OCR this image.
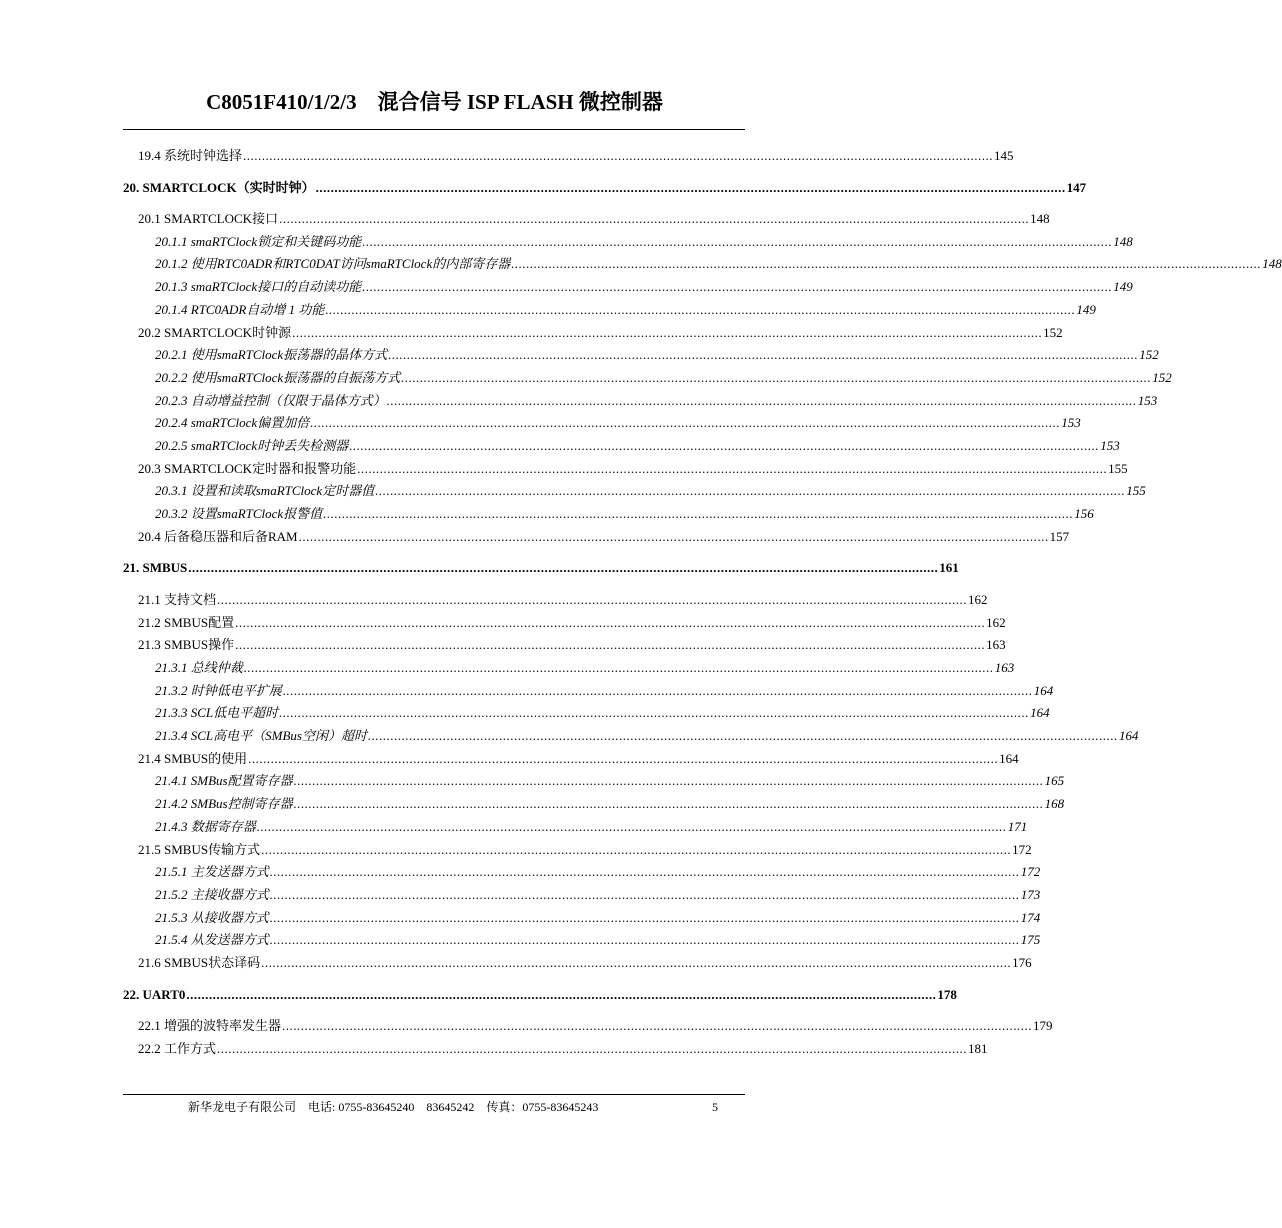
C8051F410/1/2/3　混合信号 ISP FLASH 微控制器
19.4 系统时钟选择 ........................................................................................................................................................................................................ 145
20. SMARTCLOCK（实时时钟） ........................................................................................................................................................................................................ 147
20.1 SMARTCLOCK接口 ........................................................................................................................................................................................................ 148
20.1.1 smaRTClock锁定和关键码功能 ........................................................................................................................................................................................................ 148
20.1.2 使用RTC0ADR和RTC0DAT访问smaRTClock的内部寄存器 ........................................................................................................................................................................................................ 148
20.1.3 smaRTClock接口的自动读功能 ........................................................................................................................................................................................................ 149
20.1.4 RTC0ADR自动增 1 功能 ........................................................................................................................................................................................................ 149
20.2 SMARTCLOCK时钟源 ........................................................................................................................................................................................................ 152
20.2.1 使用smaRTClock振荡器的晶体方式 ........................................................................................................................................................................................................ 152
20.2.2 使用smaRTClock振荡器的自振荡方式 ........................................................................................................................................................................................................ 152
20.2.3 自动增益控制（仅限于晶体方式） ........................................................................................................................................................................................................ 153
20.2.4 smaRTClock偏置加倍 ........................................................................................................................................................................................................ 153
20.2.5 smaRTClock时钟丢失检测器 ........................................................................................................................................................................................................ 153
20.3 SMARTCLOCK定时器和报警功能 ........................................................................................................................................................................................................ 155
20.3.1 设置和读取smaRTClock定时器值 ........................................................................................................................................................................................................ 155
20.3.2 设置smaRTClock报警值 ........................................................................................................................................................................................................ 156
20.4 后备稳压器和后备RAM ........................................................................................................................................................................................................ 157
21. SMBUS ........................................................................................................................................................................................................ 161
21.1 支持文档 ........................................................................................................................................................................................................ 162
21.2 SMBUS配置 ........................................................................................................................................................................................................ 162
21.3 SMBUS操作 ........................................................................................................................................................................................................ 163
21.3.1 总线仲裁 ........................................................................................................................................................................................................ 163
21.3.2 时钟低电平扩展 ........................................................................................................................................................................................................ 164
21.3.3 SCL低电平超时 ........................................................................................................................................................................................................ 164
21.3.4 SCL高电平（SMBus空闲）超时 ........................................................................................................................................................................................................ 164
21.4 SMBUS的使用 ........................................................................................................................................................................................................ 164
21.4.1 SMBus配置寄存器 ........................................................................................................................................................................................................ 165
21.4.2 SMBus控制寄存器 ........................................................................................................................................................................................................ 168
21.4.3 数据寄存器 ........................................................................................................................................................................................................ 171
21.5 SMBUS传输方式 ........................................................................................................................................................................................................ 172
21.5.1 主发送器方式 ........................................................................................................................................................................................................ 172
21.5.2 主接收器方式 ........................................................................................................................................................................................................ 173
21.5.3 从接收器方式 ........................................................................................................................................................................................................ 174
21.5.4 从发送器方式 ........................................................................................................................................................................................................ 175
21.6 SMBUS状态译码 ........................................................................................................................................................................................................ 176
22. UART0 ........................................................................................................................................................................................................ 178
22.1 增强的波特率发生器 ........................................................................................................................................................................................................ 179
22.2 工作方式 ........................................................................................................................................................................................................ 181
新华龙电子有限公司　电话: 0755-83645240　83645242　传真：0755-83645243	5
